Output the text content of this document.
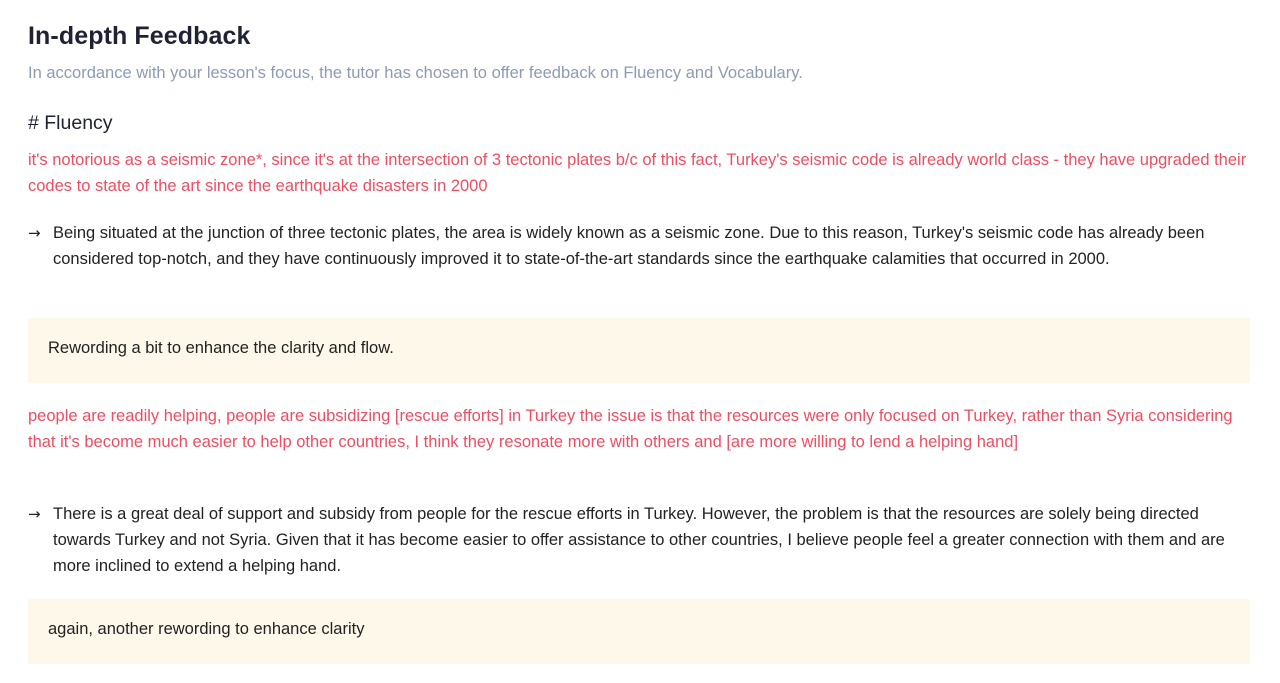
In-depth Feedback
In accordance with your lesson's focus, the tutor has chosen to offer feedback on Fluency and Vocabulary.
# Fluency
it's notorious as a seismic zone*, since it's at the intersection of 3 tectonic plates b/c of this fact, Turkey's seismic code is already world class - they have upgraded their codes to state of the art since the earthquake disasters in 2000
→ Being situated at the junction of three tectonic plates, the area is widely known as a seismic zone. Due to this reason, Turkey's seismic code has already been considered top-notch, and they have continuously improved it to state-of-the-art standards since the earthquake calamities that occurred in 2000.
Rewording a bit to enhance the clarity and flow.
people are readily helping, people are subsidizing [rescue efforts] in Turkey the issue is that the resources were only focused on Turkey, rather than Syria considering that it's become much easier to help other countries, I think they resonate more with others and [are more willing to lend a helping hand]
→ There is a great deal of support and subsidy from people for the rescue efforts in Turkey. However, the problem is that the resources are solely being directed towards Turkey and not Syria. Given that it has become easier to offer assistance to other countries, I believe people feel a greater connection with them and are more inclined to extend a helping hand.
again, another rewording to enhance clarity
